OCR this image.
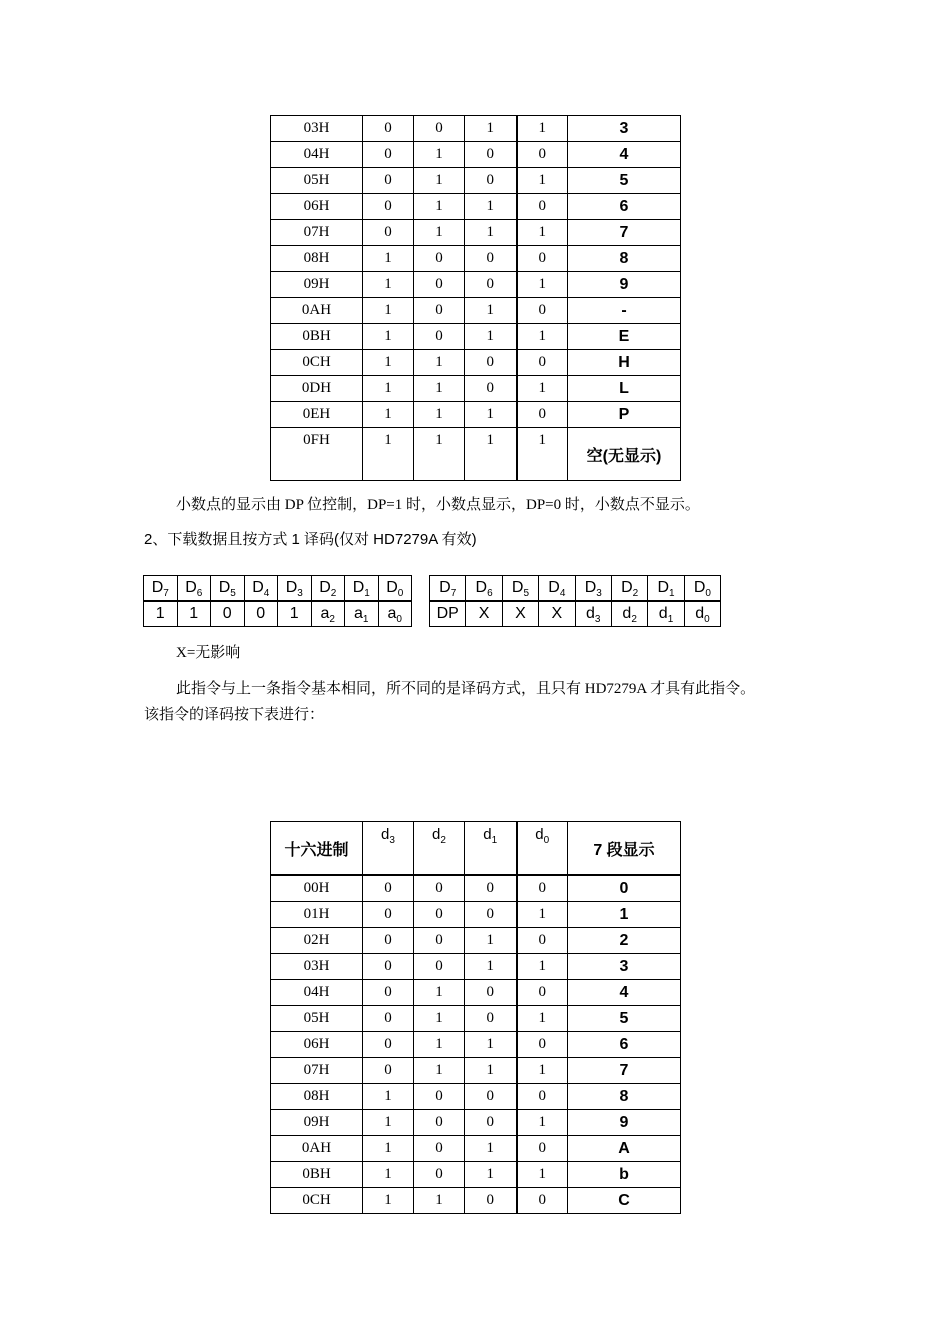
03H	0	0	1	1	3
04H	0	1	0	0	4
05H	0	1	0	1	5
06H	0	1	1	0	6
07H	0	1	1	1	7
08H	1	0	0	0	8
09H	1	0	0	1	9
0AH	1	0	1	0	-
0BH	1	0	1	1	E
0CH	1	1	0	0	H
0DH	1	1	0	1	L
0EH	1	1	1	0	P
0FH	1	1	1	1	空(无显示)
小数点的显示由 DP 位控制，DP=1 时，小数点显示，DP=0 时，小数点不显示。
2、下载数据且按方式 1 译码(仅对 HD7279A 有效)
$D_7$	$D_6$	$D_5$	$D_4$	$D_3$	$D_2$	$D_1$	$D_0$
1	1	0	0	1	$a_2$	$a_1$	$a_0$
$D_7$	$D_6$	$D_5$	$D_4$	$D_3$	$D_2$	$D_1$	$D_0$
DP	X	X	X	$d_3$	$d_2$	$d_1$	$d_0$
X=无影响
此指令与上一条指令基本相同，所不同的是译码方式，且只有 HD7279A 才具有此指令。
该指令的译码按下表进行：
十六进制	$d_3$	$d_2$	$d_1$	$d_0$	7 段显示
00H	0	0	0	0	0
01H	0	0	0	1	1
02H	0	0	1	0	2
03H	0	0	1	1	3
04H	0	1	0	0	4
05H	0	1	0	1	5
06H	0	1	1	0	6
07H	0	1	1	1	7
08H	1	0	0	0	8
09H	1	0	0	1	9
0AH	1	0	1	0	A
0BH	1	0	1	1	b
0CH	1	1	0	0	C
